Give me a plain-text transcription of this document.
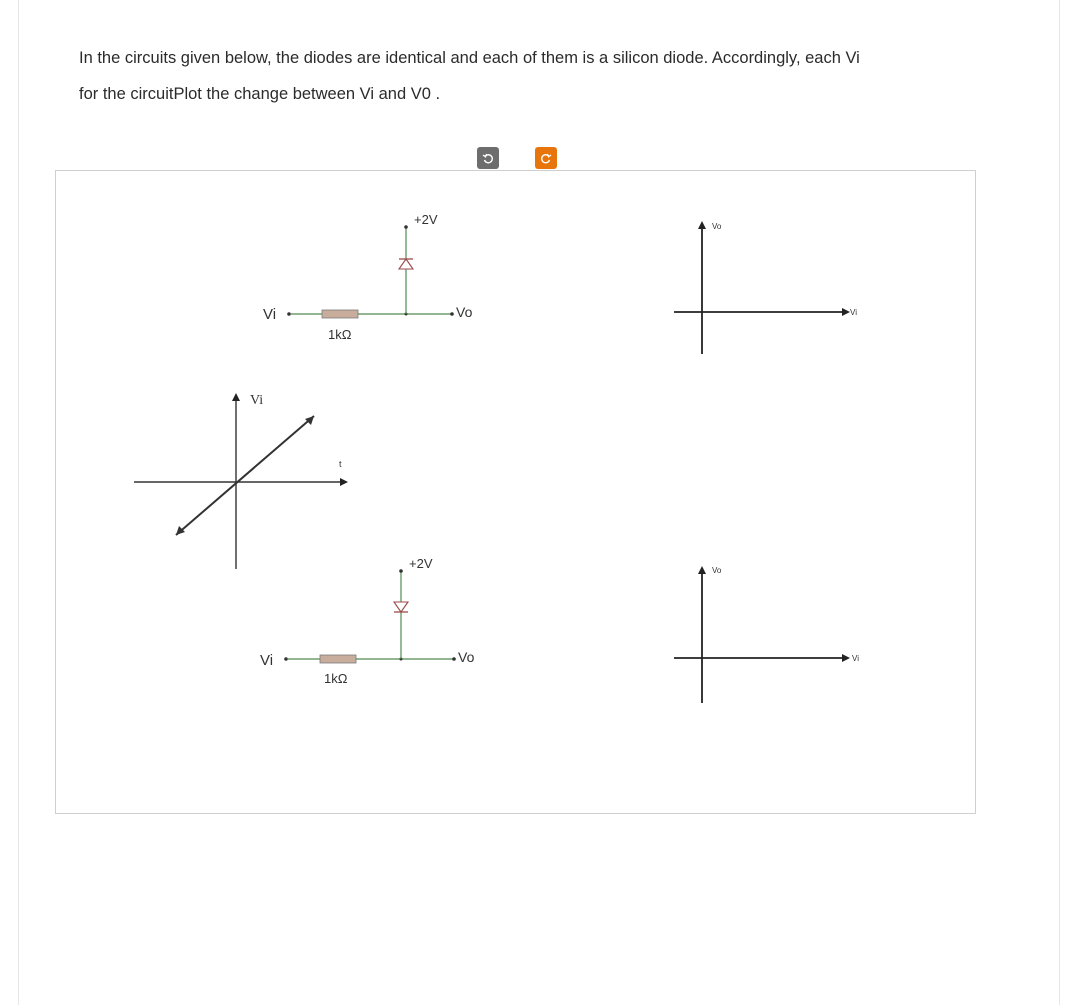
In the circuits given below, the diodes are identical and each of them is a silicon diode. Accordingly, each Vi

for the circuitPlot the change between Vi and V0 .

Vi
1kΩ
Vo
+2V
Vi
t
Vi
1kΩ
Vo
+2V
Vo
Vi
Vo
Vi
